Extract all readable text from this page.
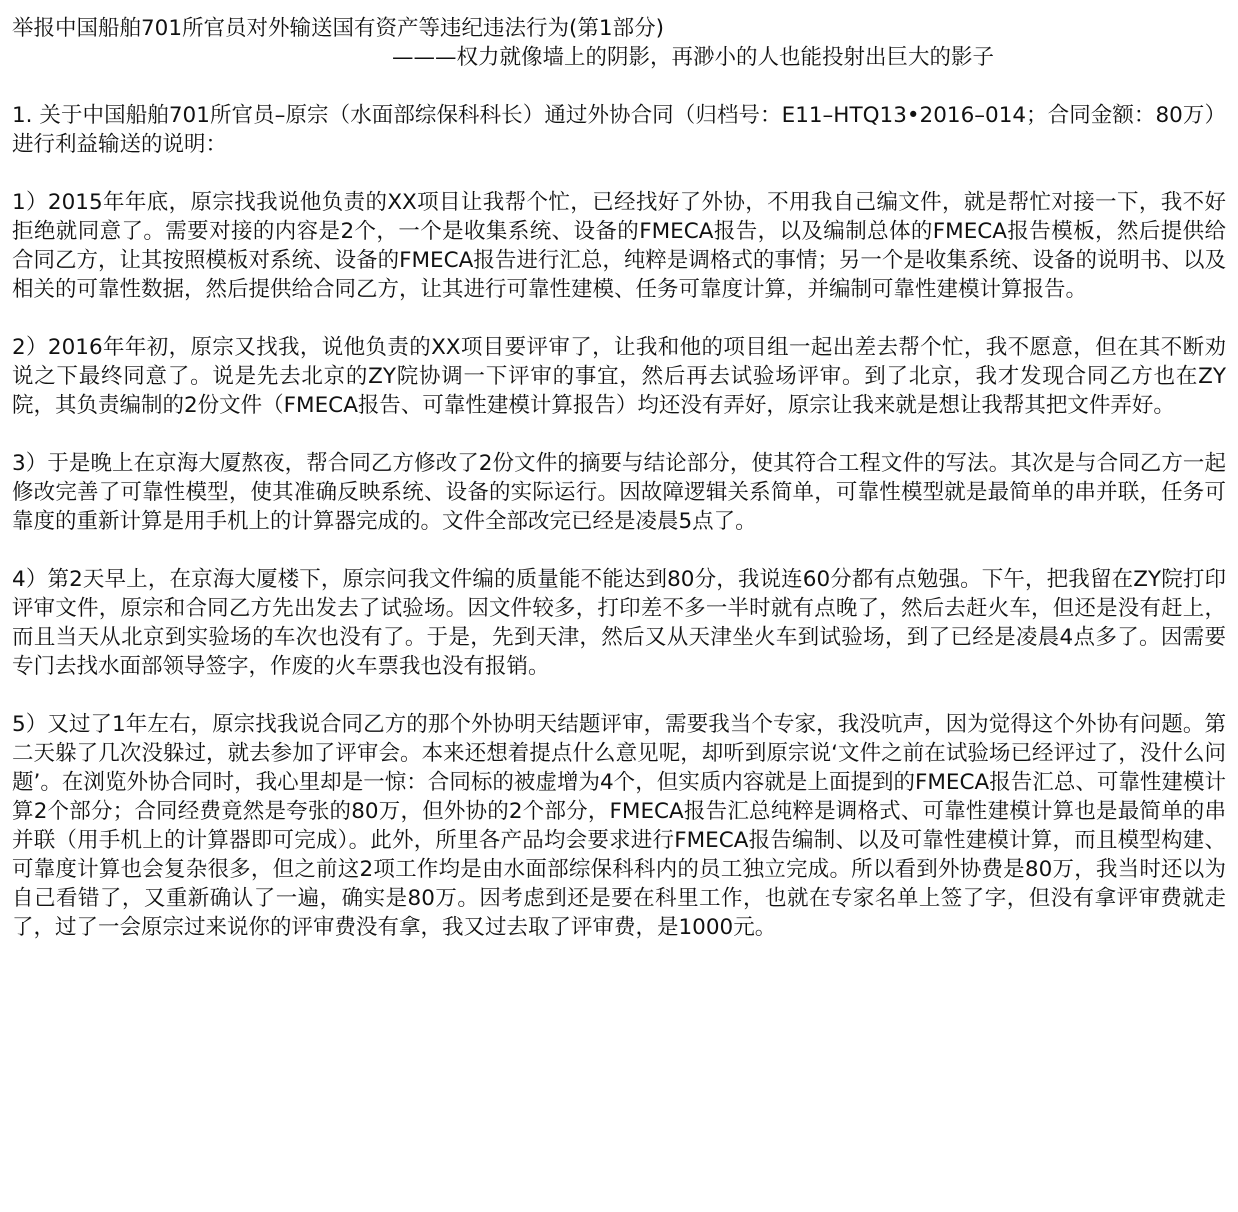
举报中国船舶701所官员对外输送国有资产等违纪违法行为(第1部分)

———权力就像墙上的阴影，再渺小的人也能投射出巨大的影子

1. 关于中国船舶701所官员–原宗（水面部综保科科长）通过外协合同（归档号：E11–HTQ13•2016–014；合同金额：80万）进行利益输送的说明：

1）2015年年底，原宗找我说他负责的XX项目让我帮个忙，已经找好了外协，不用我自己编文件，就是帮忙对接一下，我不好拒绝就同意了。需要对接的内容是2个，一个是收集系统、设备的FMECA报告，以及编制总体的FMECA报告模板，然后提供给合同乙方，让其按照模板对系统、设备的FMECA报告进行汇总，纯粹是调格式的事情；另一个是收集系统、设备的说明书、以及相关的可靠性数据，然后提供给合同乙方，让其进行可靠性建模、任务可靠度计算，并编制可靠性建模计算报告。

2）2016年年初，原宗又找我，说他负责的XX项目要评审了，让我和他的项目组一起出差去帮个忙，我不愿意，但在其不断劝说之下最终同意了。说是先去北京的ZY院协调一下评审的事宜，然后再去试验场评审。到了北京，我才发现合同乙方也在ZY院，其负责编制的2份文件（FMECA报告、可靠性建模计算报告）均还没有弄好，原宗让我来就是想让我帮其把文件弄好。

3）于是晚上在京海大厦熬夜，帮合同乙方修改了2份文件的摘要与结论部分，使其符合工程文件的写法。其次是与合同乙方一起修改完善了可靠性模型，使其准确反映系统、设备的实际运行。因故障逻辑关系简单，可靠性模型就是最简单的串并联，任务可靠度的重新计算是用手机上的计算器完成的。文件全部改完已经是凌晨5点了。

4）第2天早上，在京海大厦楼下，原宗问我文件编的质量能不能达到80分，我说连60分都有点勉强。下午，把我留在ZY院打印评审文件，原宗和合同乙方先出发去了试验场。因文件较多，打印差不多一半时就有点晚了，然后去赶火车，但还是没有赶上，而且当天从北京到实验场的车次也没有了。于是，先到天津，然后又从天津坐火车到试验场，到了已经是凌晨4点多了。因需要专门去找水面部领导签字，作废的火车票我也没有报销。

5）又过了1年左右，原宗找我说合同乙方的那个外协明天结题评审，需要我当个专家，我没吭声，因为觉得这个外协有问题。第二天躲了几次没躲过，就去参加了评审会。本来还想着提点什么意见呢，却听到原宗说‘文件之前在试验场已经评过了，没什么问题’。在浏览外协合同时，我心里却是一惊：合同标的被虚增为4个，但实质内容就是上面提到的FMECA报告汇总、可靠性建模计算2个部分；合同经费竟然是夸张的80万，但外协的2个部分，FMECA报告汇总纯粹是调格式、可靠性建模计算也是最简单的串并联（用手机上的计算器即可完成）。此外，所里各产品均会要求进行FMECA报告编制、以及可靠性建模计算，而且模型构建、可靠度计算也会复杂很多，但之前这2项工作均是由水面部综保科科内的员工独立完成。所以看到外协费是80万，我当时还以为自己看错了，又重新确认了一遍，确实是80万。因考虑到还是要在科里工作，也就在专家名单上签了字，但没有拿评审费就走了，过了一会原宗过来说你的评审费没有拿，我又过去取了评审费，是1000元。
